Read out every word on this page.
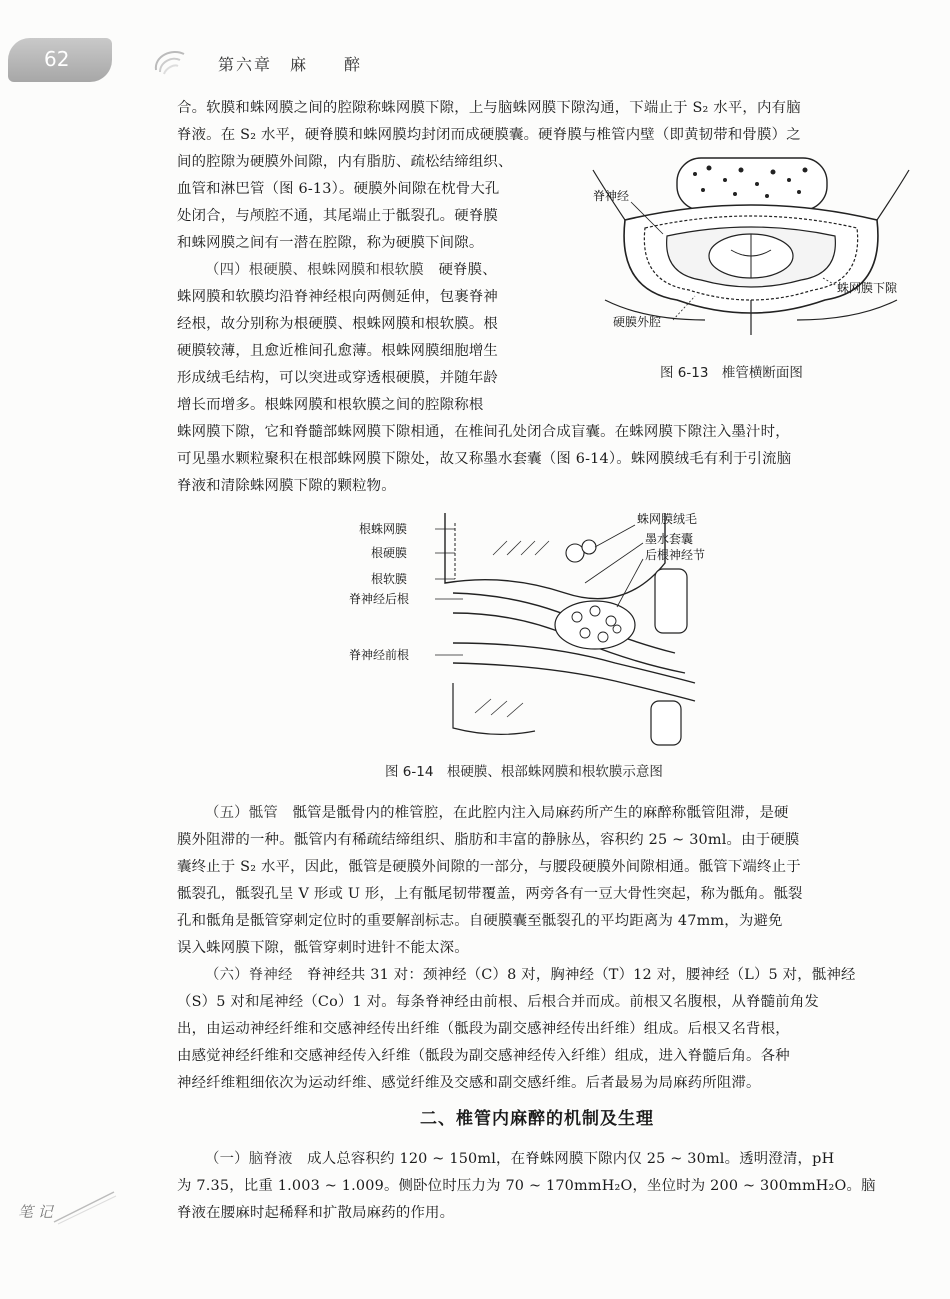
62	第六章　麻　　醉
合。软膜和蛛网膜之间的腔隙称蛛网膜下隙，上与脑蛛网膜下隙沟通，下端止于 S₂ 水平，内有脑
脊液。在 S₂ 水平，硬脊膜和蛛网膜均封闭而成硬膜囊。硬脊膜与椎管内壁（即黄韧带和骨膜）之
间的腔隙为硬膜外间隙，内有脂肪、疏松结缔组织、
血管和淋巴管（图 6-13）。硬膜外间隙在枕骨大孔
处闭合，与颅腔不通，其尾端止于骶裂孔。硬脊膜
和蛛网膜之间有一潜在腔隙，称为硬膜下间隙。
（四）根硬膜、根蛛网膜和根软膜　 硬脊膜、
蛛网膜和软膜均沿脊神经根向两侧延伸，包裹脊神
经根，故分别称为根硬膜、根蛛网膜和根软膜。根
硬膜较薄，且愈近椎间孔愈薄。根蛛网膜细胞增生
形成绒毛结构，可以突进或穿透根硬膜，并随年龄
增长而增多。根蛛网膜和根软膜之间的腔隙称根
蛛网膜下隙，它和脊髓部蛛网膜下隙相通，在椎间孔处闭合成盲囊。在蛛网膜下隙注入墨汁时，
可见墨水颗粒聚积在根部蛛网膜下隙处，故又称墨水套囊（图 6-14）。蛛网膜绒毛有利于引流脑
脊液和清除蛛网膜下隙的颗粒物。
脊神经
蛛网膜下隙
硬膜外腔
图 6-13　椎管横断面图
根蛛网膜
根硬膜
根软膜
脊神经后根
脊神经前根
蛛网膜绒毛
墨水套囊
后根神经节
图 6-14　根硬膜、根部蛛网膜和根软膜示意图
（五）骶管　 骶管是骶骨内的椎管腔，在此腔内注入局麻药所产生的麻醉称骶管阻滞，是硬
膜外阻滞的一种。骶管内有稀疏结缔组织、脂肪和丰富的静脉丛，容积约 25 ~ 30ml。由于硬膜
囊终止于 S₂ 水平，因此，骶管是硬膜外间隙的一部分，与腰段硬膜外间隙相通。骶管下端终止于
骶裂孔，骶裂孔呈 V 形或 U 形，上有骶尾韧带覆盖，两旁各有一豆大骨性突起，称为骶角。骶裂
孔和骶角是骶管穿刺定位时的重要解剖标志。自硬膜囊至骶裂孔的平均距离为 47mm，为避免
误入蛛网膜下隙，骶管穿刺时进针不能太深。
（六）脊神经　 脊神经共 31 对：颈神经（C）8 对，胸神经（T）12 对，腰神经（L）5 对，骶神经
（S）5 对和尾神经（Co）1 对。每条脊神经由前根、后根合并而成。前根又名腹根，从脊髓前角发
出，由运动神经纤维和交感神经传出纤维（骶段为副交感神经传出纤维）组成。后根又名背根，
由感觉神经纤维和交感神经传入纤维（骶段为副交感神经传入纤维）组成，进入脊髓后角。各种
神经纤维粗细依次为运动纤维、感觉纤维及交感和副交感纤维。后者最易为局麻药所阻滞。
二、椎管内麻醉的机制及生理
（一）脑脊液　 成人总容积约 120 ~ 150ml，在脊蛛网膜下隙内仅 25 ~ 30ml。透明澄清，pH
为 7.35，比重 1.003 ~ 1.009。侧卧位时压力为 70 ~ 170mmH₂O，坐位时为 200 ~ 300mmH₂O。脑
脊液在腰麻时起稀释和扩散局麻药的作用。
笔 记
